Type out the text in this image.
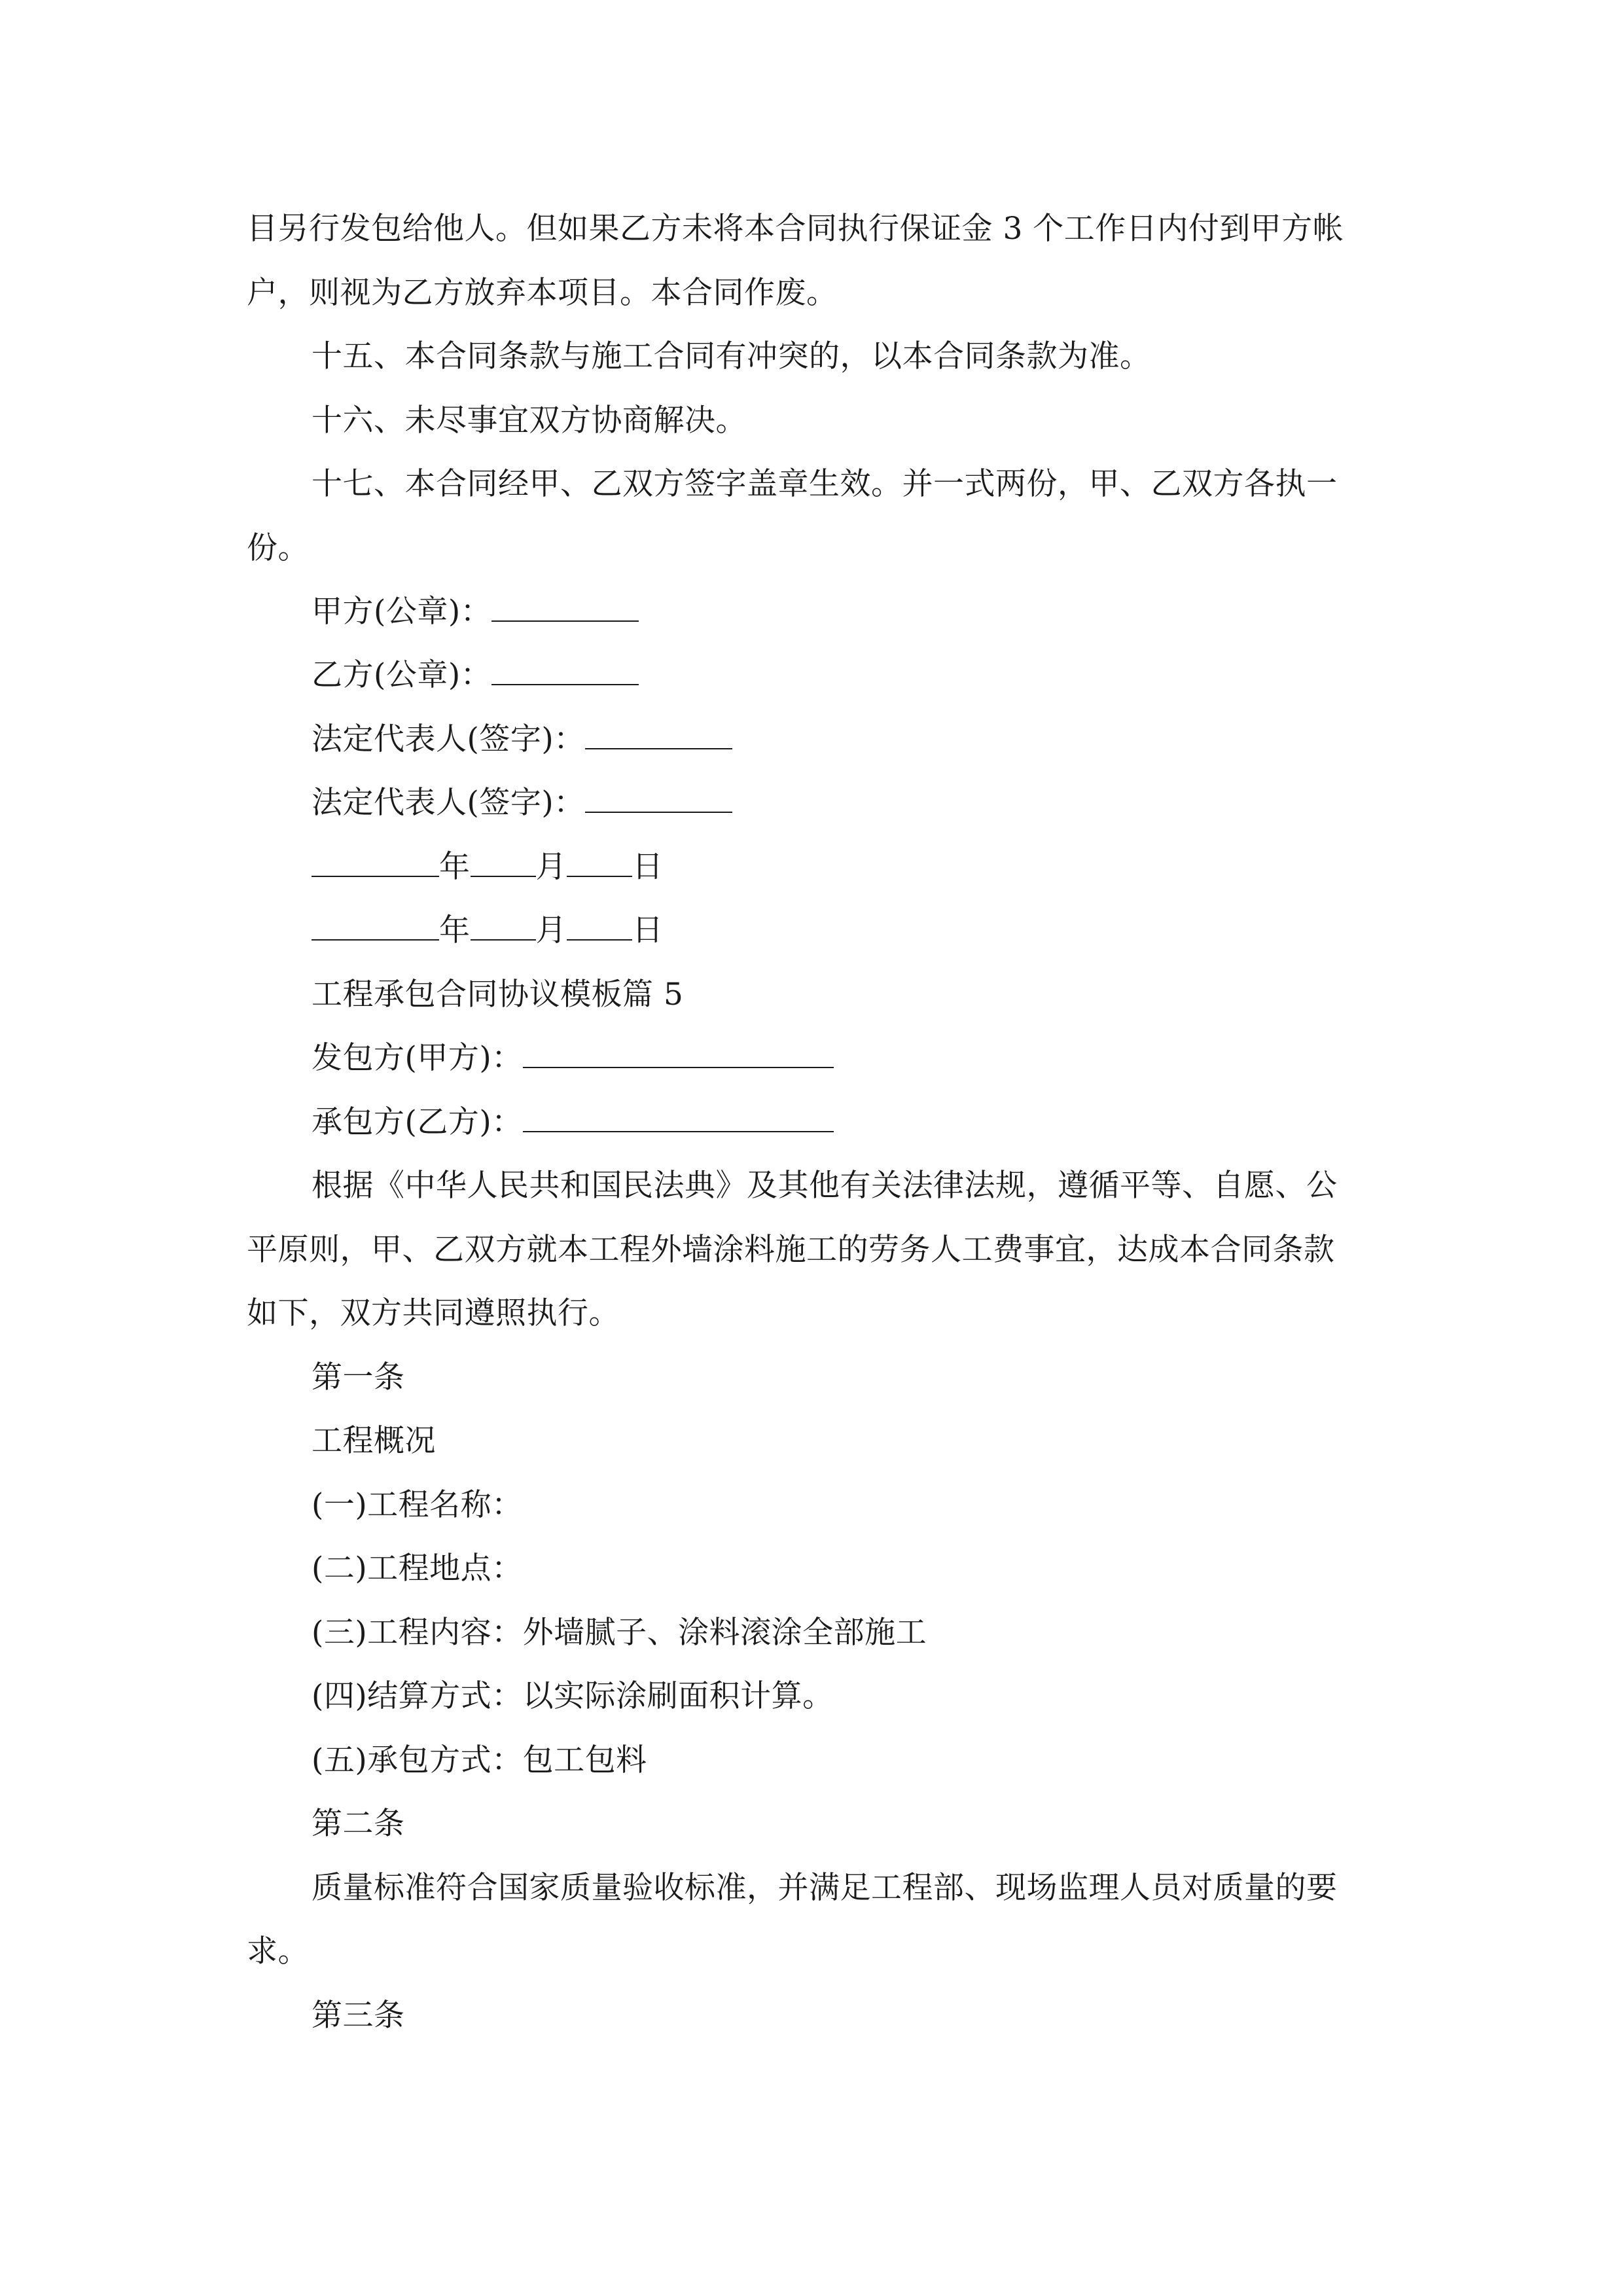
目另行发包给他人。但如果乙方未将本合同执行保证金 3 个工作日内付到甲方帐
户，则视为乙方放弃本项目。本合同作废。
十五、本合同条款与施工合同有冲突的，以本合同条款为准。
十六、未尽事宜双方协商解决。
十七、本合同经甲、乙双方签字盖章生效。并一式两份，甲、乙双方各执一
份。
甲方(公章)：
乙方(公章)：
法定代表人(签字)：
法定代表人(签字)：
年 月 日
年 月 日
工程承包合同协议模板篇 5
发包方(甲方)：
承包方(乙方)：
根据《中华人民共和国民法典》及其他有关法律法规，遵循平等、自愿、公
平原则，甲、乙双方就本工程外墙涂料施工的劳务人工费事宜，达成本合同条款
如下，双方共同遵照执行。
第一条
工程概况
(一)工程名称：
(二)工程地点：
(三)工程内容：外墙腻子、涂料滚涂全部施工
(四)结算方式：以实际涂刷面积计算。
(五)承包方式：包工包料
第二条
质量标准符合国家质量验收标准，并满足工程部、现场监理人员对质量的要
求。
第三条
